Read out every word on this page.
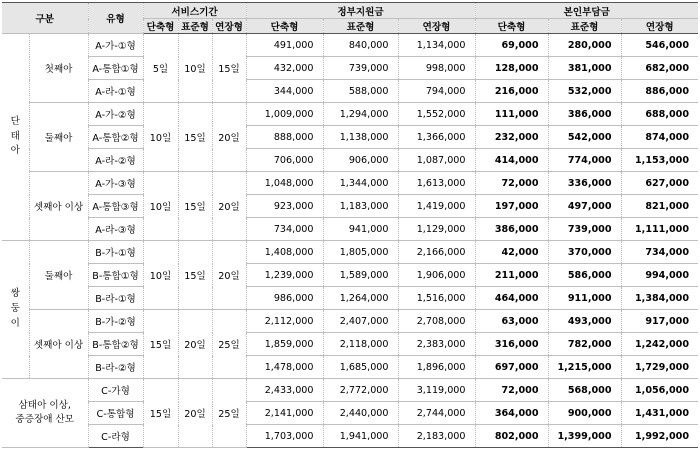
구분		유형	서비스기간			정부지원금			본인부담금		
			단축형	표준형	연장형	단축형	표준형	연장형	단축형	표준형	연장형
단
태
아	첫째아	A-가-①형	5일	10일	15일	491,000	840,000	1,134,000	69,000	280,000	546,000
		A-통합①형				432,000	739,000	998,000	128,000	381,000	682,000
		A-라-①형				344,000	588,000	794,000	216,000	532,000	886,000
	둘째아	A-가-②형	10일	15일	20일	1,009,000	1,294,000	1,552,000	111,000	386,000	688,000
		A-통합②형				888,000	1,138,000	1,366,000	232,000	542,000	874,000
		A-라-②형				706,000	906,000	1,087,000	414,000	774,000	1,153,000
	셋째아 이상	A-가-③형	10일	15일	20일	1,048,000	1,344,000	1,613,000	72,000	336,000	627,000
		A-통합③형				923,000	1,183,000	1,419,000	197,000	497,000	821,000
		A-라-③형				734,000	941,000	1,129,000	386,000	739,000	1,111,000
쌍
둥
이	둘째아	B-가-①형	10일	15일	20일	1,408,000	1,805,000	2,166,000	42,000	370,000	734,000
		B-통합①형				1,239,000	1,589,000	1,906,000	211,000	586,000	994,000
		B-라-①형				986,000	1,264,000	1,516,000	464,000	911,000	1,384,000
	셋째아 이상	B-가-②형	15일	20일	25일	2,112,000	2,407,000	2,708,000	63,000	493,000	917,000
		B-통합②형				1,859,000	2,118,000	2,383,000	316,000	782,000	1,242,000
		B-라-②형				1,478,000	1,685,000	1,896,000	697,000	1,215,000	1,729,000
삼태아 이상,
중증장애 산모		C-가형	15일	20일	25일	2,433,000	2,772,000	3,119,000	72,000	568,000	1,056,000
		C-통합형				2,141,000	2,440,000	2,744,000	364,000	900,000	1,431,000
		C-라형				1,703,000	1,941,000	2,183,000	802,000	1,399,000	1,992,000
